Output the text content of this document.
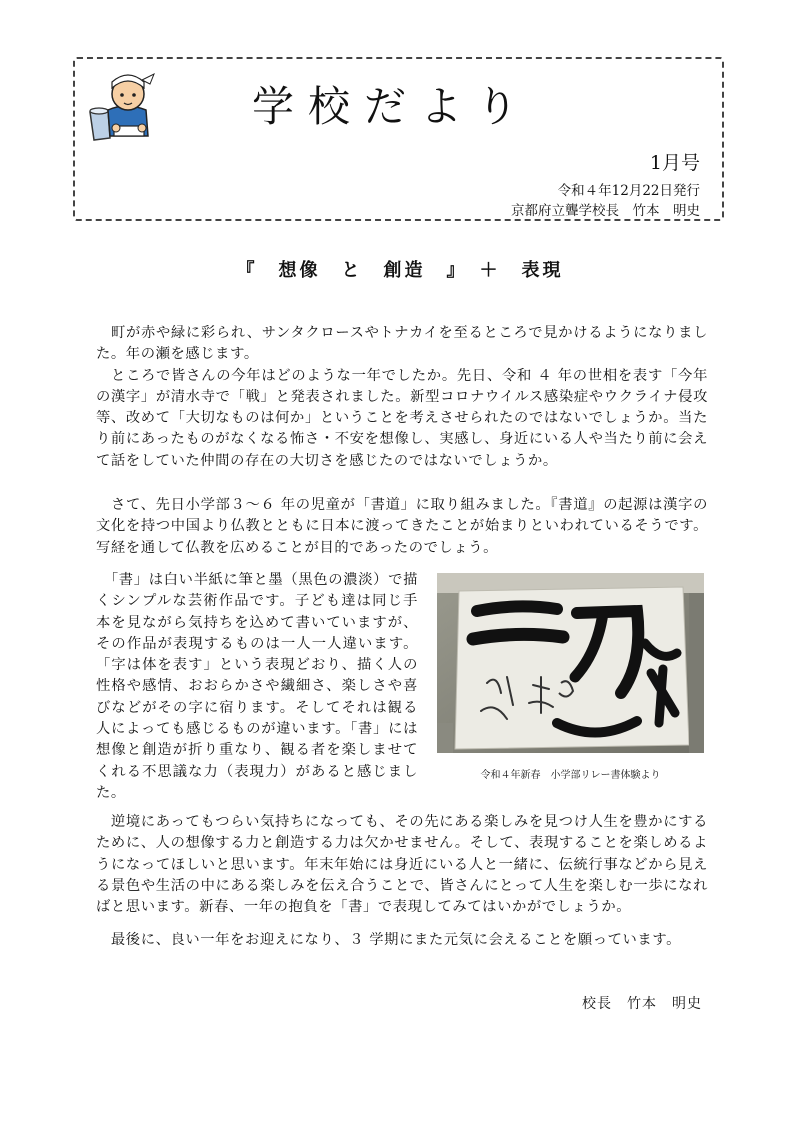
学校だより
1月号
令和４年12月22日発行
京都府立聾学校長　竹本　明史
『　想像　と　創造　』　＋　表現

　町が赤や緑に彩られ、サンタクロースやトナカイを至るところで見かけるようになりました。年の瀬を感じます。
　ところで皆さんの今年はどのような一年でしたか。先日、令和 ４ 年の世相を表す「今年の漢字」が清水寺で「戦」と発表されました。新型コロナウイルス感染症やウクライナ侵攻等、改めて「大切なものは何か」ということを考えさせられたのではないでしょうか。当たり前にあったものがなくなる怖さ・不安を想像し、実感し、身近にいる人や当たり前に会えて話をしていた仲間の存在の大切さを感じたのではないでしょうか。

　さて、先日小学部３～６ 年の児童が「書道」に取り組みました。『書道』の起源は漢字の文化を持つ中国より仏教とともに日本に渡ってきたことが始まりといわれているそうです。写経を通して仏教を広めることが目的であったのでしょう。

　「書」は白い半紙に筆と墨（黒色の濃淡）で描くシンプルな芸術作品です。子ども達は同じ手本を見ながら気持ちを込めて書いていますが、その作品が表現するものは一人一人違います。「字は体を表す」という表現どおり、描く人の性格や感情、おおらかさや繊細さ、楽しさや喜びなどがその字に宿ります。そしてそれは観る人によっても感じるものが違います。「書」には想像と創造が折り重なり、観る者を楽しませてくれる不思議な力（表現力）があると感じました。

令和４年新春　小学部リレー書体験より

　逆境にあってもつらい気持ちになっても、その先にある楽しみを見つけ人生を豊かにするために、人の想像する力と創造する力は欠かせません。そして、表現することを楽しめるようになってほしいと思います。年末年始には身近にいる人と一緒に、伝統行事などから見える景色や生活の中にある楽しみを伝え合うことで、皆さんにとって人生を楽しむ一歩になればと思います。新春、一年の抱負を「書」で表現してみてはいかがでしょうか。

　最後に、良い一年をお迎えになり、３ 学期にまた元気に会えることを願っています。

校長　竹本　明史
